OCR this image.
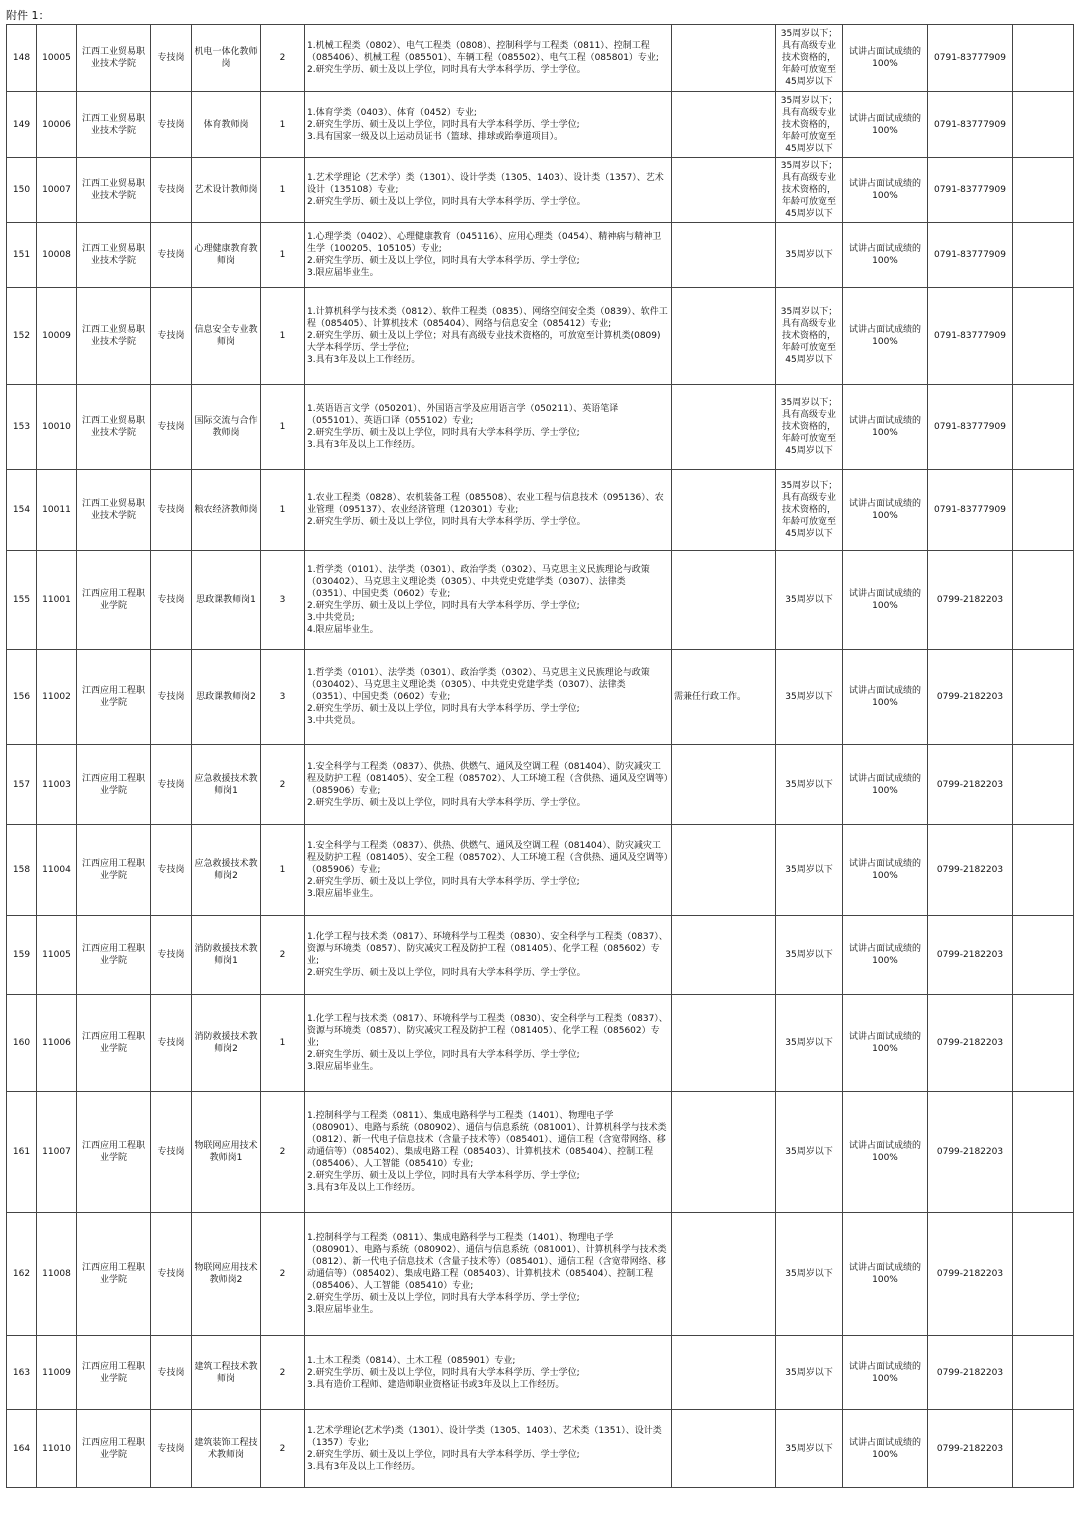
附件 1：
148	10005	江西工业贸易职业技术学院	专技岗	机电一体化教师岗	2	1.机械工程类（0802）、电气工程类（0808）、控制科学与工程类（0811）、控制工程（085406）、机械工程（085501）、车辆工程（085502）、电气工程（085801）专业;
2.研究生学历、硕士及以上学位，同时具有大学本科学历、学士学位。		35周岁以下；具有高级专业技术资格的，年龄可放宽至45周岁以下	试讲占面试成绩的100%	0791-83777909	
149	10006	江西工业贸易职业技术学院	专技岗	体育教师岗	1	1.体育学类（0403）、体育（0452）专业;
2.研究生学历、硕士及以上学位，同时具有大学本科学历、学士学位;
3.具有国家一级及以上运动员证书（篮球、排球或跆拳道项目）。		35周岁以下；具有高级专业技术资格的，年龄可放宽至45周岁以下	试讲占面试成绩的100%	0791-83777909	
150	10007	江西工业贸易职业技术学院	专技岗	艺术设计教师岗	1	1.艺术学理论（艺术学）类（1301）、设计学类（1305、1403）、设计类（1357）、艺术设计（135108）专业;
2.研究生学历、硕士及以上学位，同时具有大学本科学历、学士学位。		35周岁以下；具有高级专业技术资格的，年龄可放宽至45周岁以下	试讲占面试成绩的100%	0791-83777909	
151	10008	江西工业贸易职业技术学院	专技岗	心理健康教育教师岗	1	1.心理学类（0402）、心理健康教育（045116）、应用心理类（0454）、精神病与精神卫生学（100205、105105）专业;
2.研究生学历、硕士及以上学位，同时具有大学本科学历、学士学位;
3.限应届毕业生。		35周岁以下	试讲占面试成绩的100%	0791-83777909	
152	10009	江西工业贸易职业技术学院	专技岗	信息安全专业教师岗	1	1.计算机科学与技术类（0812）、软件工程类（0835）、网络空间安全类（0839）、软件工程（085405）、计算机技术（085404）、网络与信息安全（085412）专业;
2.研究生学历、硕士及以上学位；对具有高级专业技术资格的，可放宽至计算机类(0809)大学本科学历、学士学位;
3.具有3年及以上工作经历。		35周岁以下；具有高级专业技术资格的，年龄可放宽至45周岁以下	试讲占面试成绩的100%	0791-83777909	
153	10010	江西工业贸易职业技术学院	专技岗	国际交流与合作教师岗	1	1.英语语言文学（050201）、外国语言学及应用语言学（050211）、英语笔译（055101）、英语口译（055102）专业;
2.研究生学历、硕士及以上学位，同时具有大学本科学历、学士学位;
3.具有3年及以上工作经历。		35周岁以下；具有高级专业技术资格的，年龄可放宽至45周岁以下	试讲占面试成绩的100%	0791-83777909	
154	10011	江西工业贸易职业技术学院	专技岗	粮农经济教师岗	1	1.农业工程类（0828）、农机装备工程（085508）、农业工程与信息技术（095136）、农业管理（095137）、农业经济管理（120301）专业;
2.研究生学历、硕士及以上学位，同时具有大学本科学历、学士学位。		35周岁以下；具有高级专业技术资格的，年龄可放宽至45周岁以下	试讲占面试成绩的100%	0791-83777909	
155	11001	江西应用工程职业学院	专技岗	思政课教师岗1	3	1.哲学类（0101）、法学类（0301）、政治学类（0302）、马克思主义民族理论与政策（030402）、马克思主义理论类（0305）、中共党史党建学类（0307）、法律类（0351）、中国史类（0602）专业;
2.研究生学历、硕士及以上学位，同时具有大学本科学历、学士学位;
3.中共党员;
4.限应届毕业生。		35周岁以下	试讲占面试成绩的100%	0799-2182203	
156	11002	江西应用工程职业学院	专技岗	思政课教师岗2	3	1.哲学类（0101）、法学类（0301）、政治学类（0302）、马克思主义民族理论与政策（030402）、马克思主义理论类（0305）、中共党史党建学类（0307）、法律类（0351）、中国史类（0602）专业;
2.研究生学历、硕士及以上学位，同时具有大学本科学历、学士学位;
3.中共党员。	需兼任行政工作。	35周岁以下	试讲占面试成绩的100%	0799-2182203	
157	11003	江西应用工程职业学院	专技岗	应急救援技术教师岗1	2	1.安全科学与工程类（0837）、供热、供燃气、通风及空调工程（081404）、防灾减灾工程及防护工程（081405）、安全工程（085702）、人工环境工程（含供热、通风及空调等）（085906）专业;
2.研究生学历、硕士及以上学位，同时具有大学本科学历、学士学位。		35周岁以下	试讲占面试成绩的100%	0799-2182203	
158	11004	江西应用工程职业学院	专技岗	应急救援技术教师岗2	1	1.安全科学与工程类（0837）、供热、供燃气、通风及空调工程（081404）、防灾减灾工程及防护工程（081405）、安全工程（085702）、人工环境工程（含供热、通风及空调等）（085906）专业;
2.研究生学历、硕士及以上学位，同时具有大学本科学历、学士学位;
3.限应届毕业生。		35周岁以下	试讲占面试成绩的100%	0799-2182203	
159	11005	江西应用工程职业学院	专技岗	消防救援技术教师岗1	2	1.化学工程与技术类（0817）、环境科学与工程类（0830）、安全科学与工程类（0837）、资源与环境类（0857）、防灾减灾工程及防护工程（081405）、化学工程（085602）专业;
2.研究生学历、硕士及以上学位，同时具有大学本科学历、学士学位。		35周岁以下	试讲占面试成绩的100%	0799-2182203	
160	11006	江西应用工程职业学院	专技岗	消防救援技术教师岗2	1	1.化学工程与技术类（0817）、环境科学与工程类（0830）、安全科学与工程类（0837）、资源与环境类（0857）、防灾减灾工程及防护工程（081405）、化学工程（085602）专业;
2.研究生学历、硕士及以上学位，同时具有大学本科学历、学士学位;
3.限应届毕业生。		35周岁以下	试讲占面试成绩的100%	0799-2182203	
161	11007	江西应用工程职业学院	专技岗	物联网应用技术教师岗1	2	1.控制科学与工程类（0811）、集成电路科学与工程类（1401）、物理电子学（080901）、电路与系统（080902）、通信与信息系统（081001）、计算机科学与技术类（0812）、新一代电子信息技术（含量子技术等）（085401）、通信工程（含宽带网络、移动通信等）（085402）、集成电路工程（085403）、计算机技术（085404）、控制工程（085406）、人工智能（085410）专业;
2.研究生学历、硕士及以上学位，同时具有大学本科学历、学士学位;
3.具有3年及以上工作经历。		35周岁以下	试讲占面试成绩的100%	0799-2182203	
162	11008	江西应用工程职业学院	专技岗	物联网应用技术教师岗2	2	1.控制科学与工程类（0811）、集成电路科学与工程类（1401）、物理电子学（080901）、电路与系统（080902）、通信与信息系统（081001）、计算机科学与技术类（0812）、新一代电子信息技术（含量子技术等）（085401）、通信工程（含宽带网络、移动通信等）（085402）、集成电路工程（085403）、计算机技术（085404）、控制工程（085406）、人工智能（085410）专业;
2.研究生学历、硕士及以上学位，同时具有大学本科学历、学士学位;
3.限应届毕业生。		35周岁以下	试讲占面试成绩的100%	0799-2182203	
163	11009	江西应用工程职业学院	专技岗	建筑工程技术教师岗	2	1.土木工程类（0814）、土木工程（085901）专业;
2.研究生学历、硕士及以上学位，同时具有大学本科学历、学士学位;
3.具有造价工程师、建造师职业资格证书或3年及以上工作经历。		35周岁以下	试讲占面试成绩的100%	0799-2182203	
164	11010	江西应用工程职业学院	专技岗	建筑装饰工程技术教师岗	2	1.艺术学理论(艺术学)类（1301）、设计学类（1305、1403）、艺术类（1351）、设计类（1357）专业;
2.研究生学历、硕士及以上学位，同时具有大学本科学历、学士学位;
3.具有3年及以上工作经历。		35周岁以下	试讲占面试成绩的100%	0799-2182203	
